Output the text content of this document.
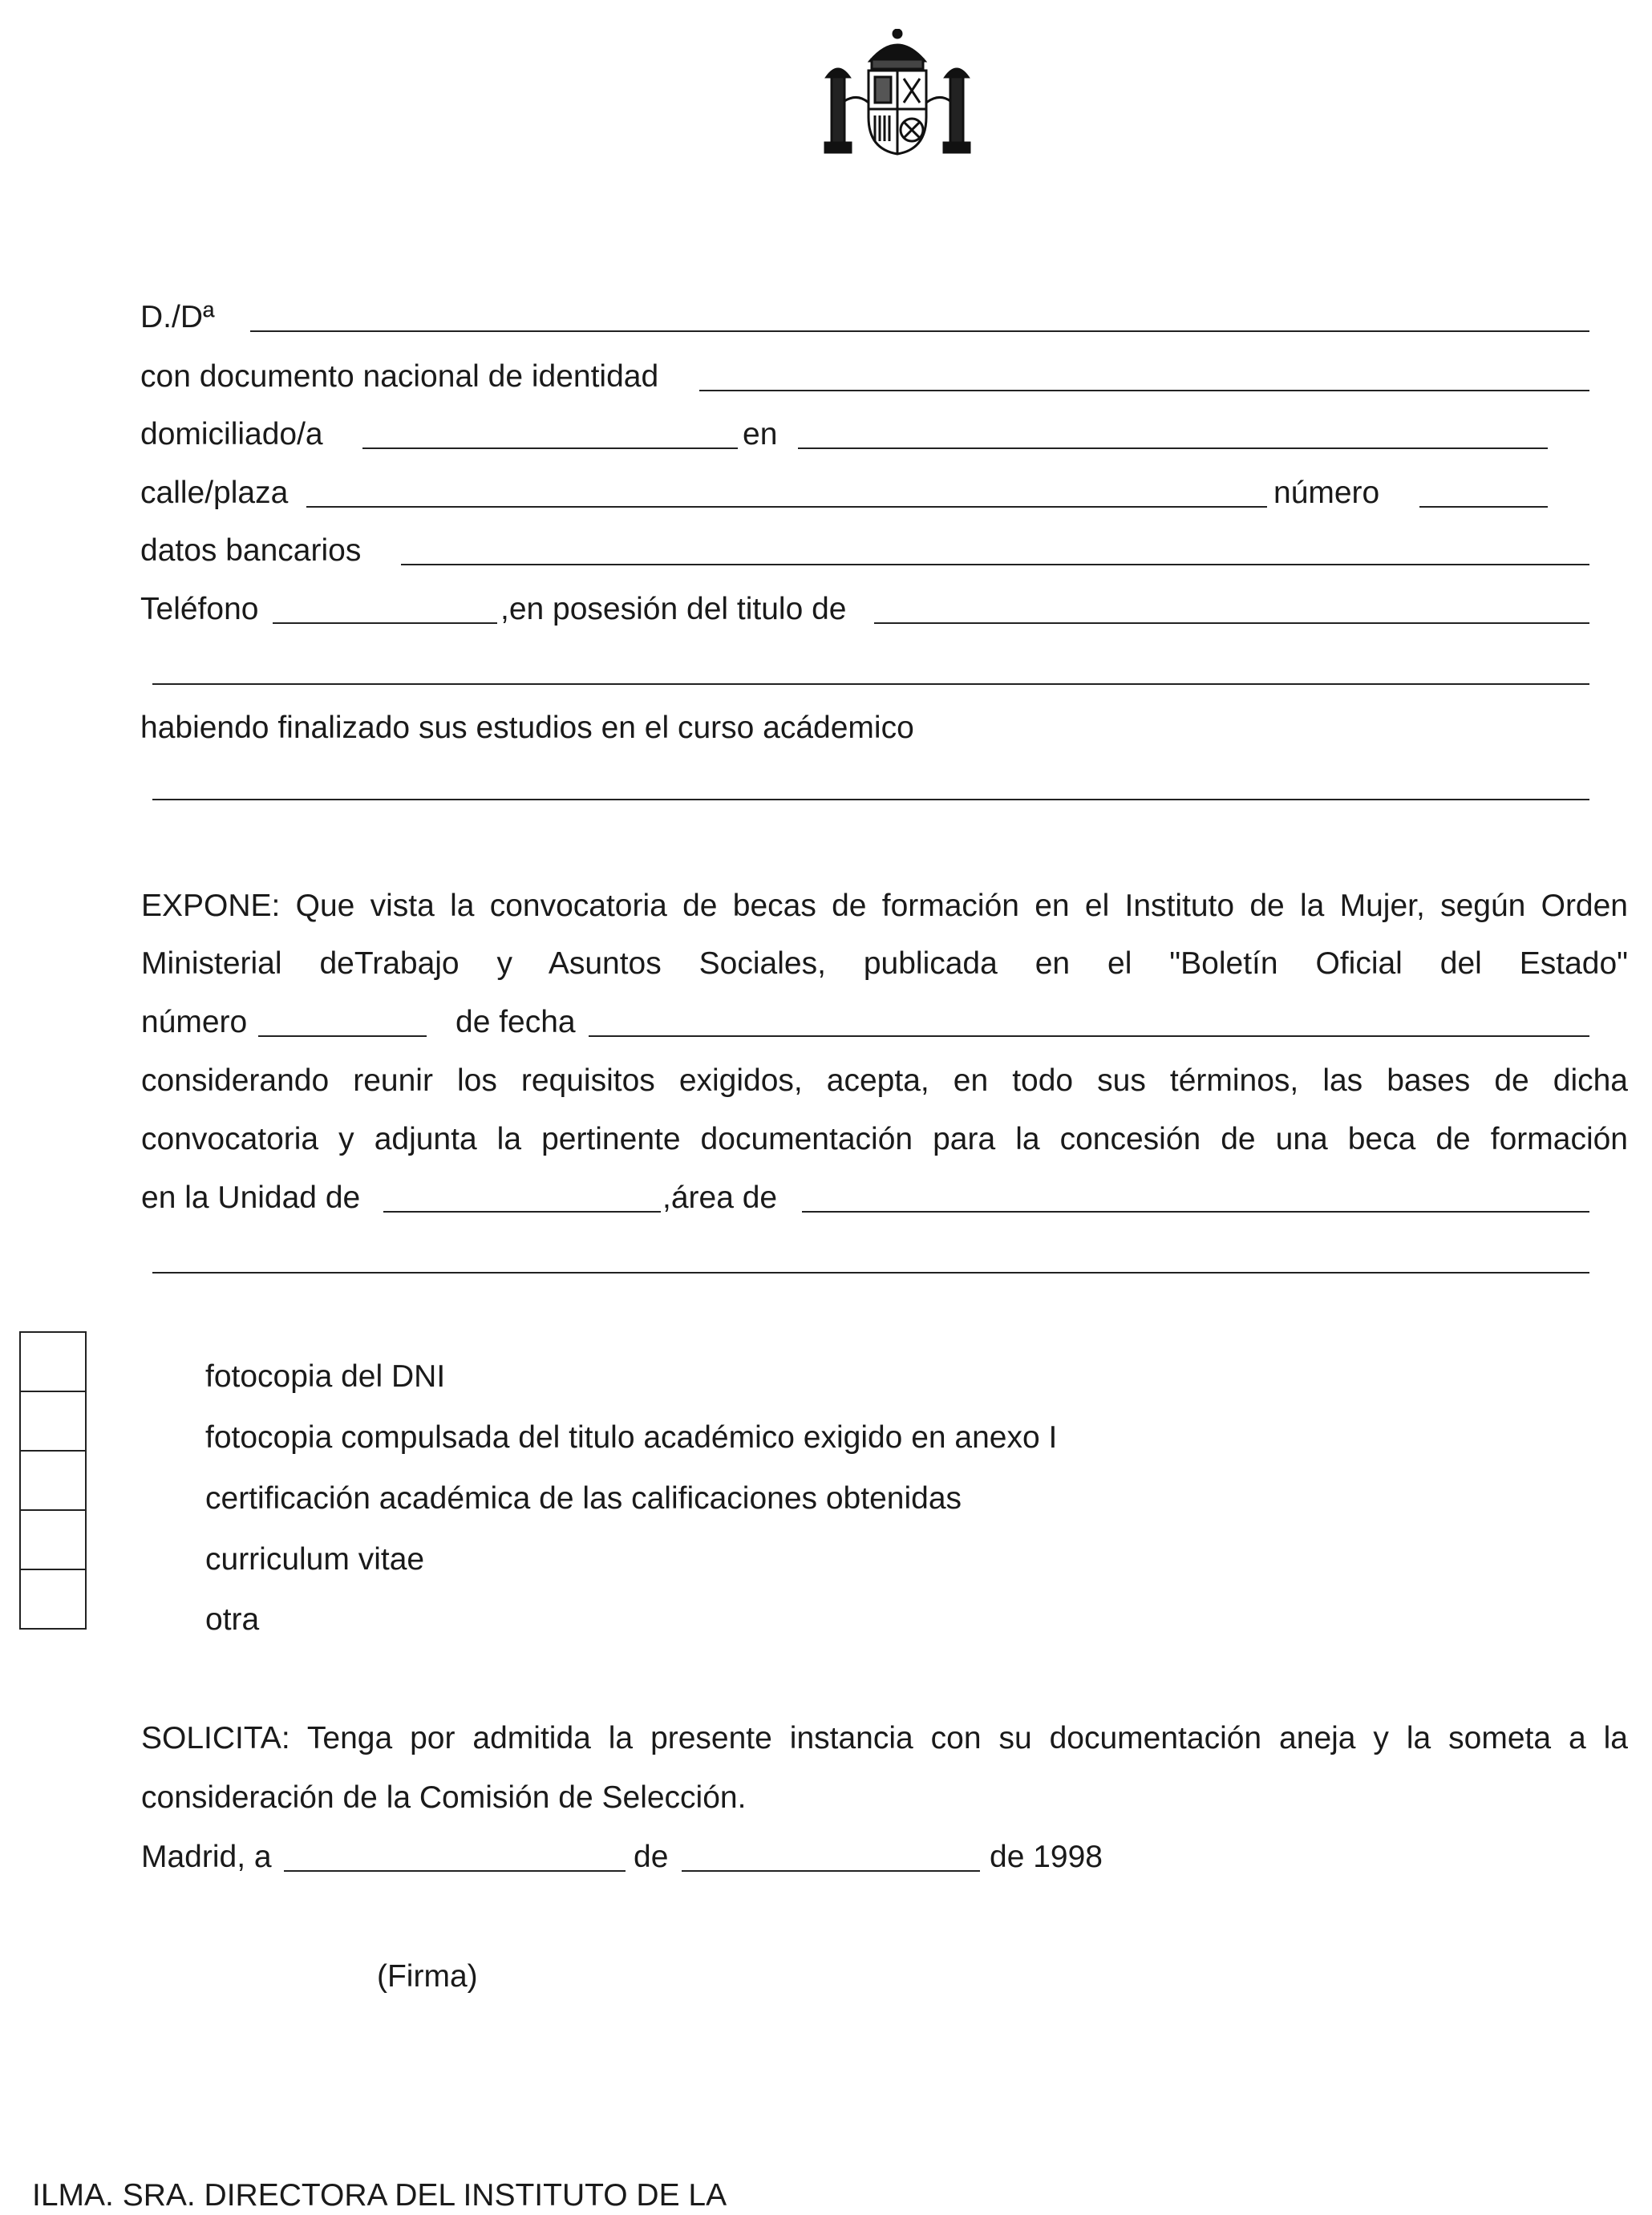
D./Dª
con documento nacional de identidad
domiciliado/a	en
calle/plaza	número
datos bancarios
Teléfono	,en posesión del titulo de
habiendo finalizado sus estudios en el curso acádemico
EXPONE: Que vista la convocatoria de becas de formación en el Instituto de la Mujer, según Orden
Ministerial deTrabajo y Asuntos Sociales, publicada en el "Boletín Oficial del Estado"
número	de fecha
considerando reunir los requisitos exigidos, acepta, en todo sus términos, las bases de dicha
convocatoria y adjunta la pertinente documentación para la concesión de una beca de formación
en la Unidad de	,área de
fotocopia del DNI
fotocopia compulsada del titulo académico exigido en anexo I
certificación académica de las calificaciones obtenidas
curriculum vitae
otra
SOLICITA: Tenga por admitida la presente instancia con su documentación aneja y la someta a la
consideración de la Comisión de Selección.
Madrid, a	de	de 1998
(Firma)
ILMA. SRA. DIRECTORA DEL INSTITUTO DE LA
